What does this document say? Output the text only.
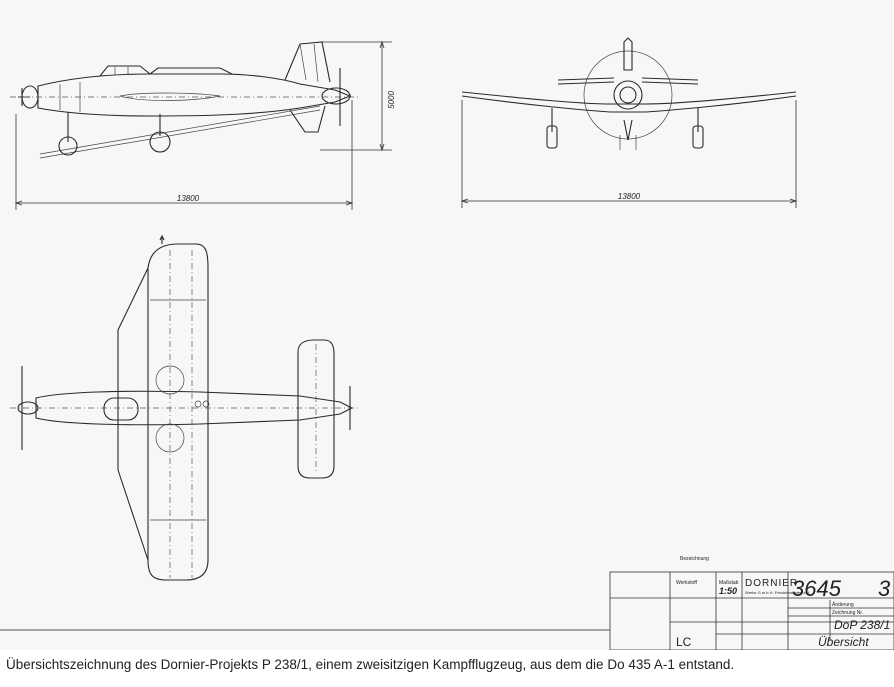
5000
13800	13800
Bezeichnung
Werkstoff	Maßstab
1:50
DORNIER
Werke G.m.b.H. Friedrichshafen a.B.
3645 3
Änderung
Zeichnung Nr.
DoP 238/1
Übersicht
LC
Übersichtszeichnung des Dornier-Projekts P 238/1, einem zweisitzigen Kampfflugzeug, aus dem die Do 435 A-1 entstand.
